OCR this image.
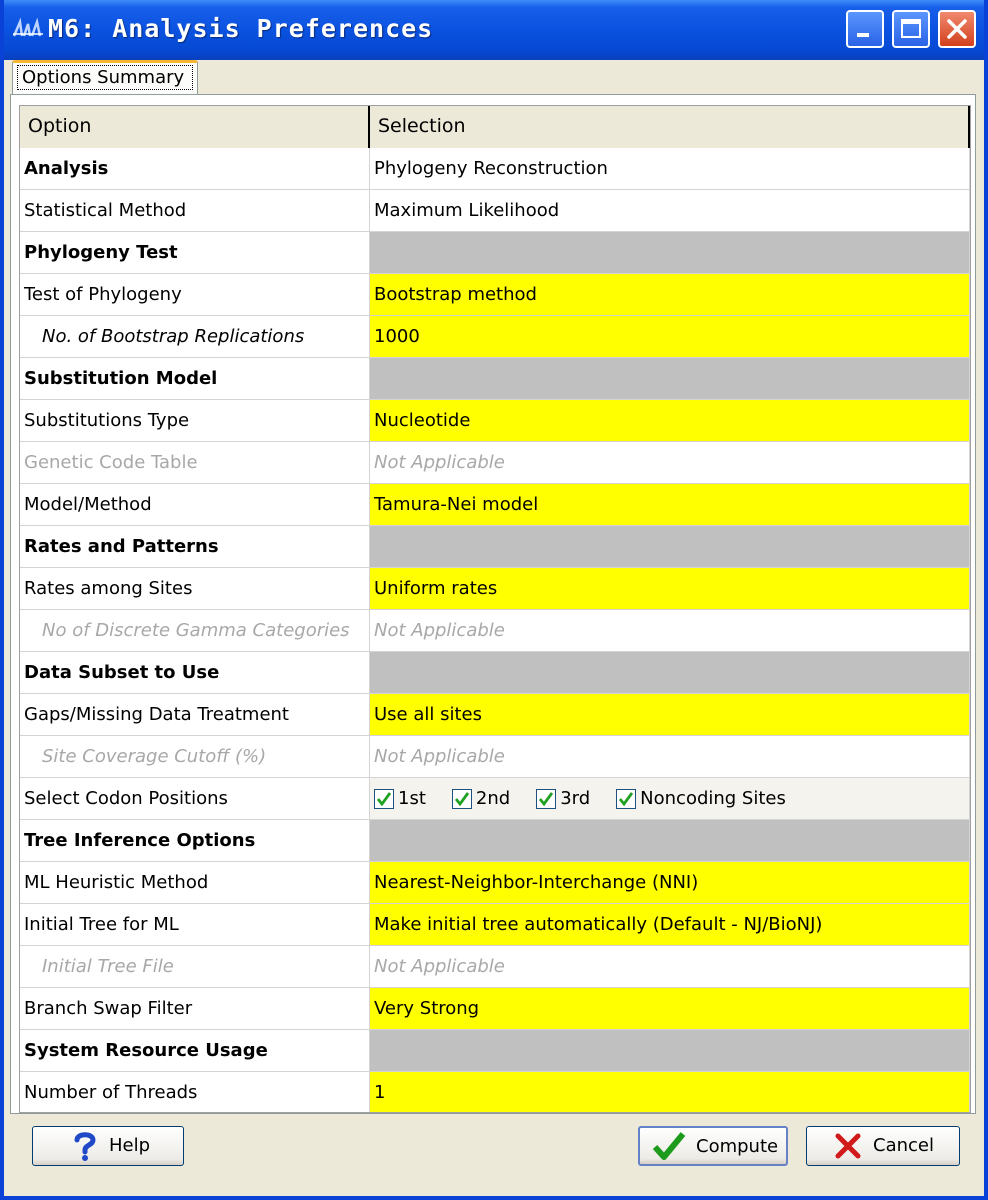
M6: Analysis Preferences
Options Summary
Option	Selection
Analysis	Phylogeny Reconstruction
Statistical Method	Maximum Likelihood
Phylogeny Test
Test of Phylogeny	Bootstrap method
No. of Bootstrap Replications	1000
Substitution Model
Substitutions Type	Nucleotide
Genetic Code Table	Not Applicable
Model/Method	Tamura-Nei model
Rates and Patterns
Rates among Sites	Uniform rates
No of Discrete Gamma Categories	Not Applicable
Data Subset to Use
Gaps/Missing Data Treatment	Use all sites
Site Coverage Cutoff (%)	Not Applicable
Select Codon Positions	1st	2nd	3rd	Noncoding Sites
Tree Inference Options
ML Heuristic Method	Nearest-Neighbor-Interchange (NNI)
Initial Tree for ML	Make initial tree automatically (Default - NJ/BioNJ)
Initial Tree File	Not Applicable
Branch Swap Filter	Very Strong
System Resource Usage
Number of Threads	1
Help	Compute	Cancel
